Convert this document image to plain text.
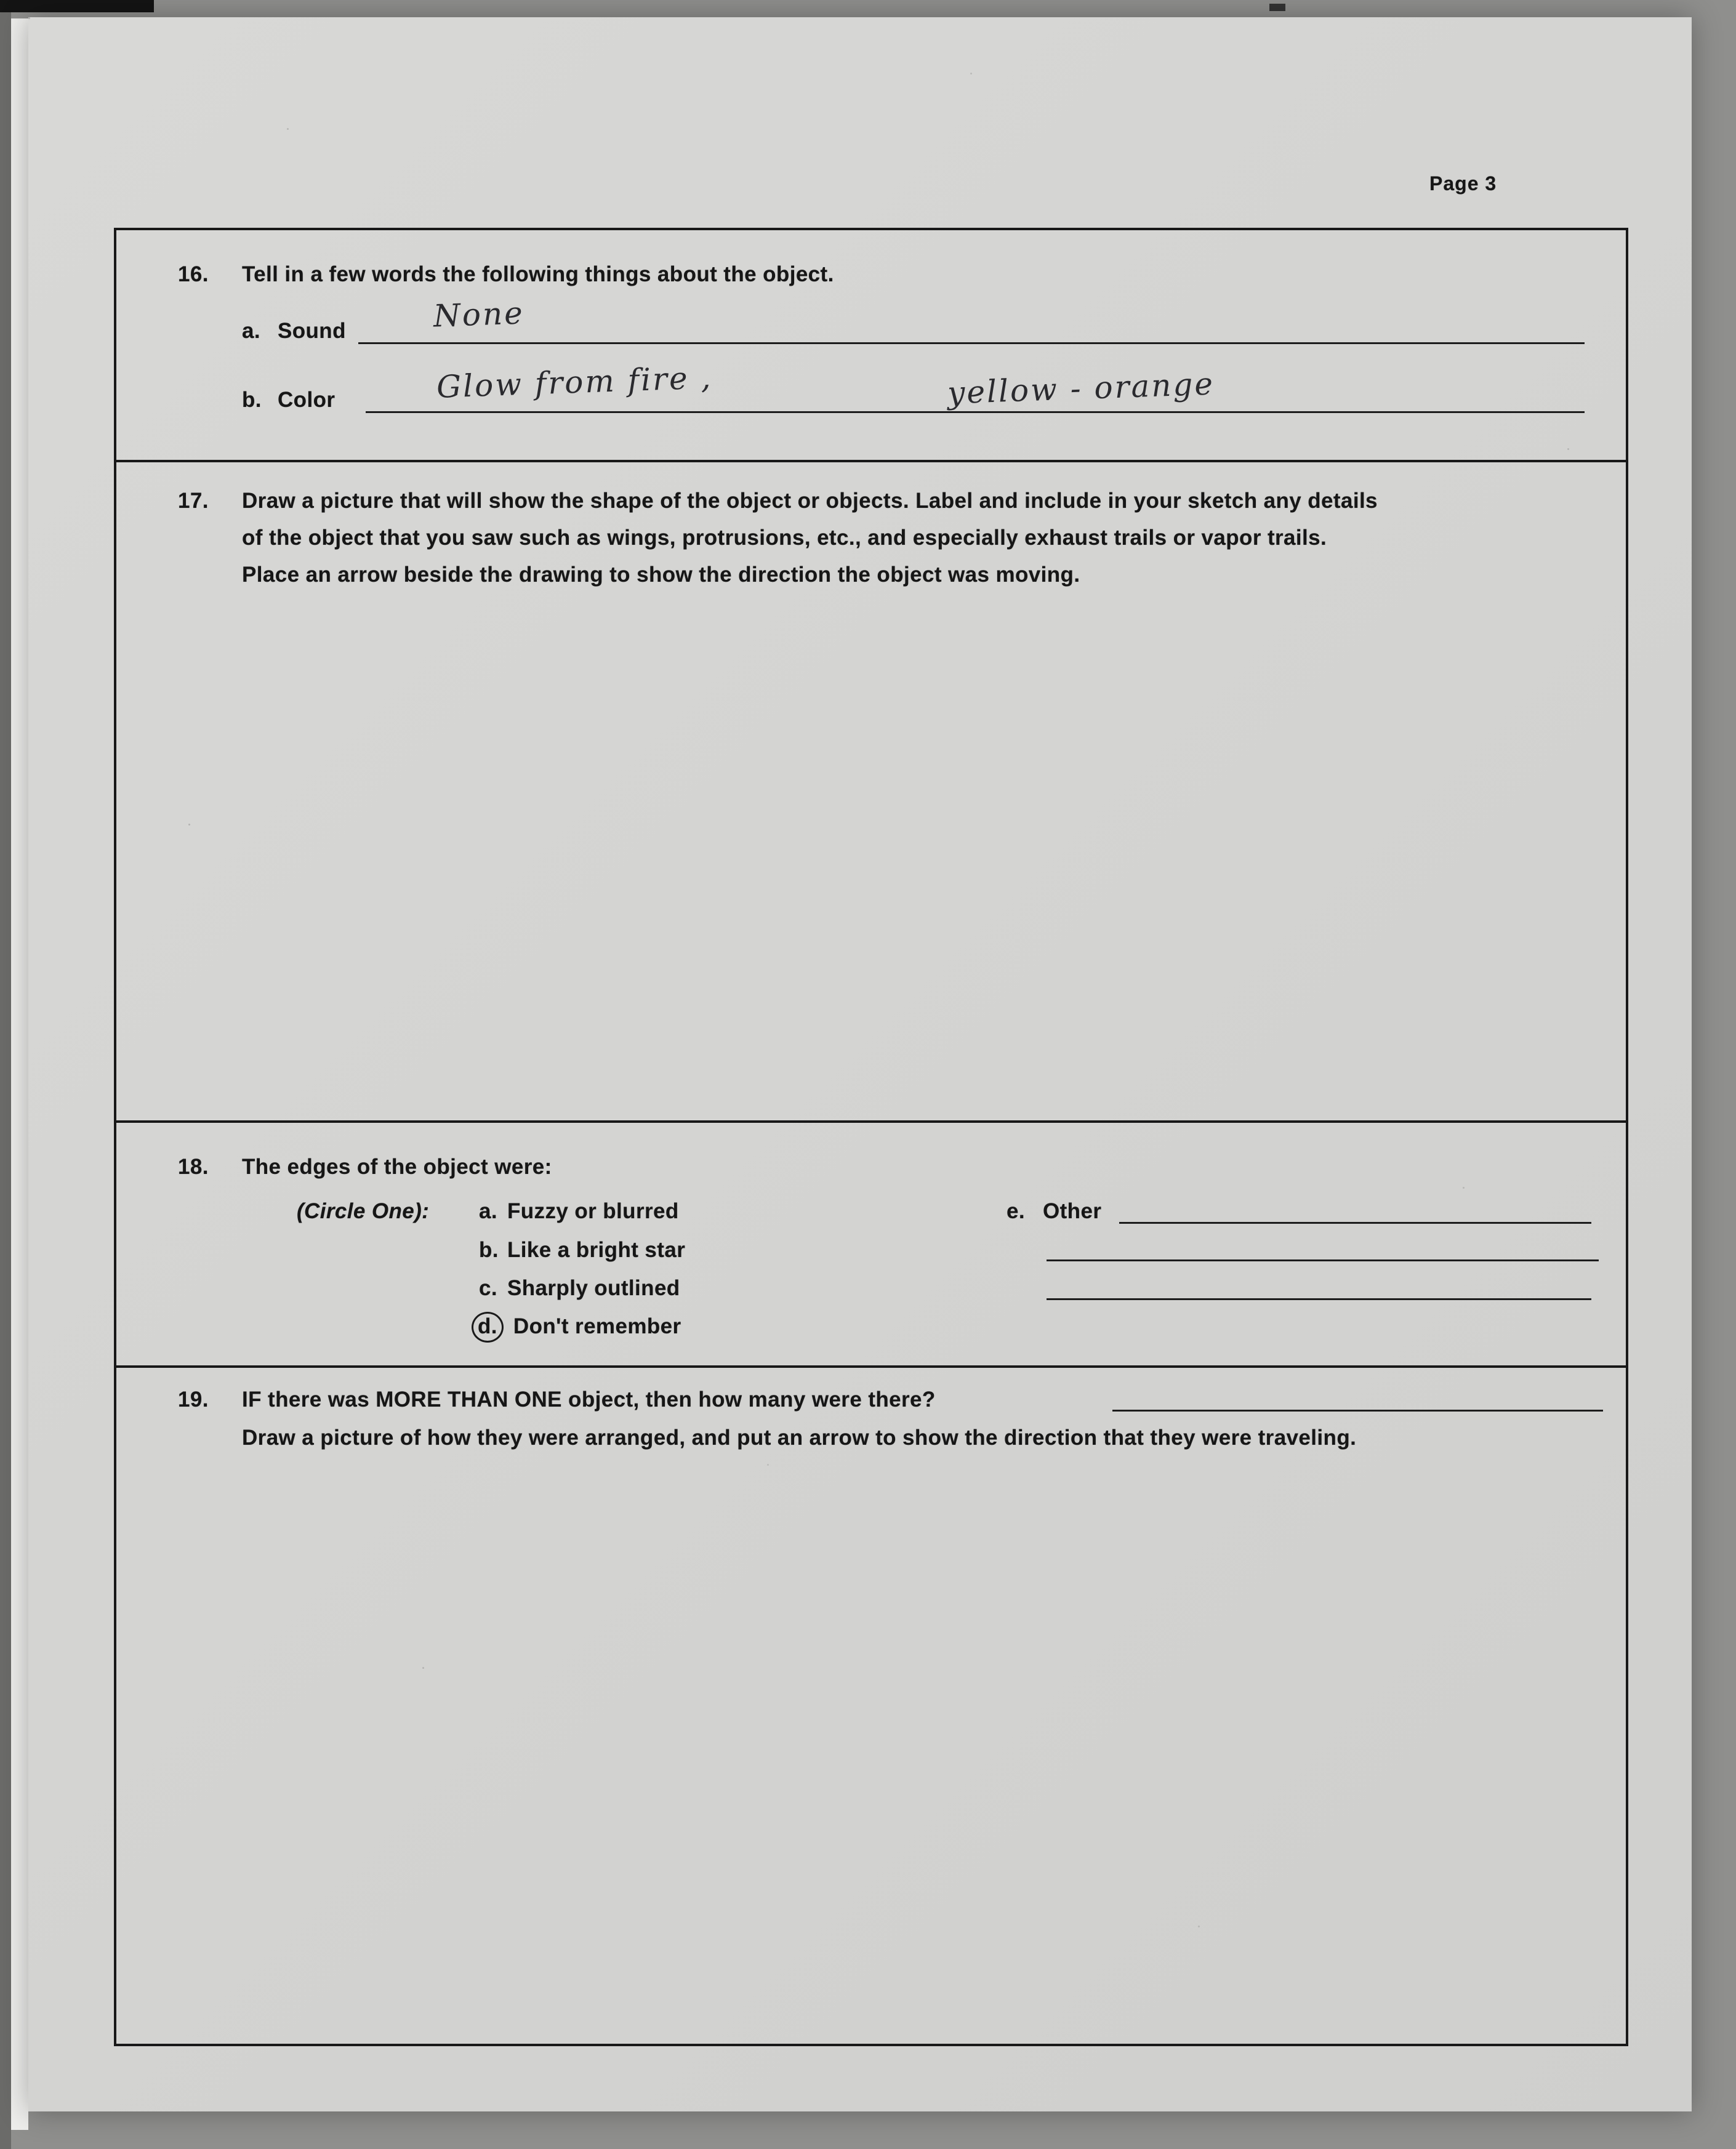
Page 3
16. Tell in a few words the following things about the object.
a. Sound	None
b. Color	Glow from fire ,	yellow - orange
17. Draw a picture that will show the shape of the object or objects. Label and include in your sketch any details
of the object that you saw such as wings, protrusions, etc., and especially exhaust trails or vapor trails.
Place an arrow beside the drawing to show the direction the object was moving.
18. The edges of the object were:
(Circle One): a. Fuzzy or blurred
b. Like a bright star
c. Sharply outlined
d. Don't remember
e. Other
19. IF there was MORE THAN ONE object, then how many were there?
Draw a picture of how they were arranged, and put an arrow to show the direction that they were traveling.
